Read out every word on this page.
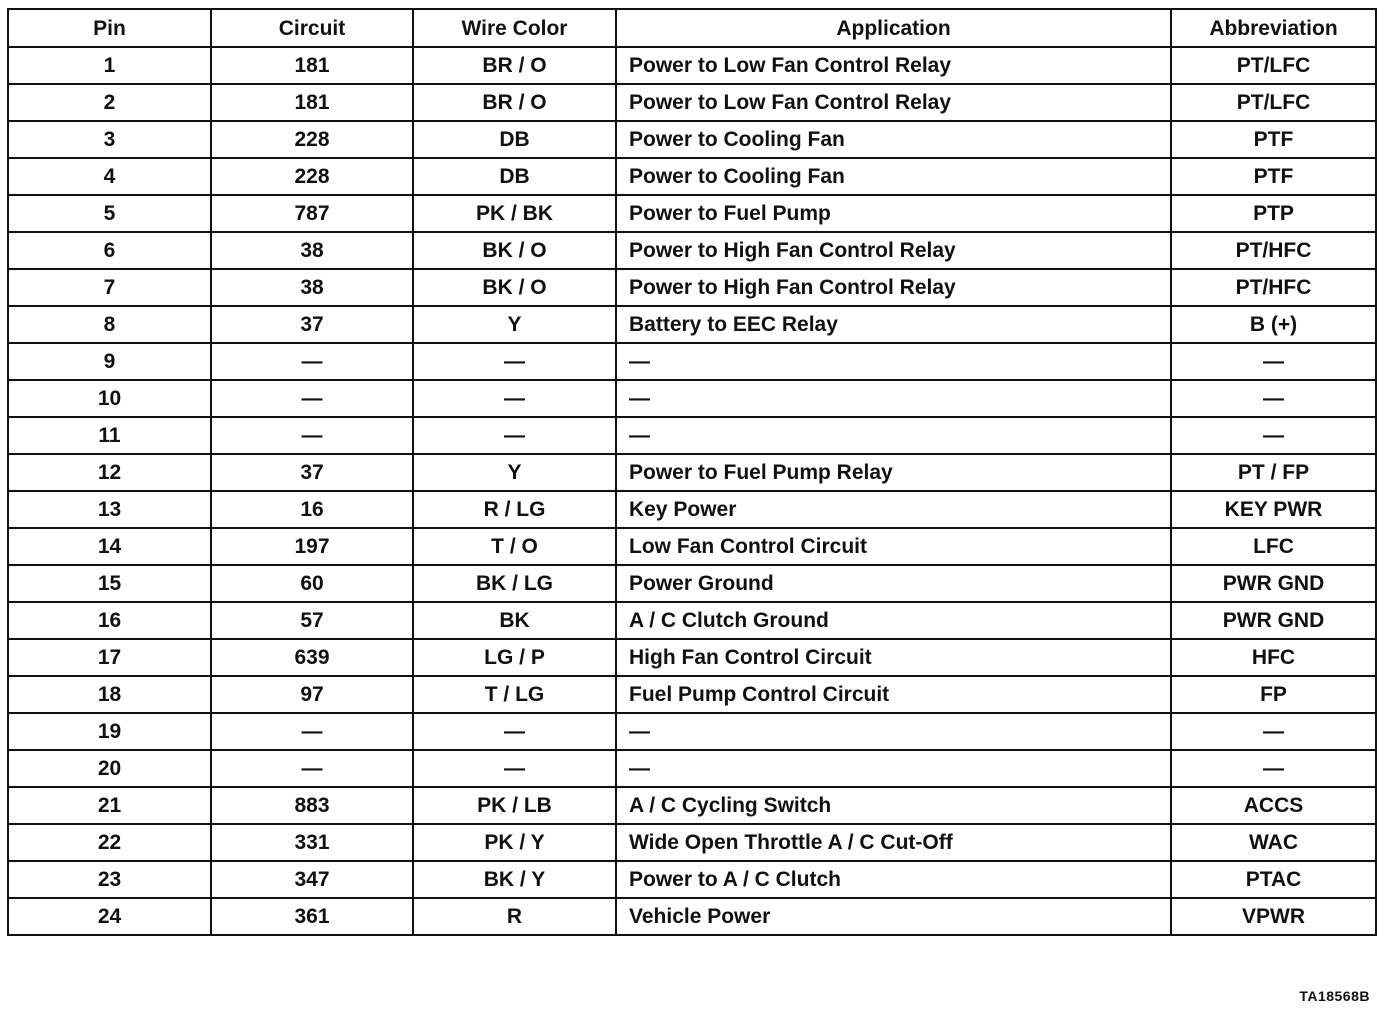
Pin	Circuit	Wire Color	Application	Abbreviation
1	181	BR / O	Power to Low Fan Control Relay	PT/LFC
2	181	BR / O	Power to Low Fan Control Relay	PT/LFC
3	228	DB	Power to Cooling Fan	PTF
4	228	DB	Power to Cooling Fan	PTF
5	787	PK / BK	Power to Fuel Pump	PTP
6	38	BK / O	Power to High Fan Control Relay	PT/HFC
7	38	BK / O	Power to High Fan Control Relay	PT/HFC
8	37	Y	Battery to EEC Relay	B (+)
9	—	—	—	—
10	—	—	—	—
11	—	—	—	—
12	37	Y	Power to Fuel Pump Relay	PT / FP
13	16	R / LG	Key Power	KEY PWR
14	197	T / O	Low Fan Control Circuit	LFC
15	60	BK / LG	Power Ground	PWR GND
16	57	BK	A / C Clutch Ground	PWR GND
17	639	LG / P	High Fan Control Circuit	HFC
18	97	T / LG	Fuel Pump Control Circuit	FP
19	—	—	—	—
20	—	—	—	—
21	883	PK / LB	A / C Cycling Switch	ACCS
22	331	PK / Y	Wide Open Throttle A / C Cut-Off	WAC
23	347	BK / Y	Power to A / C Clutch	PTAC
24	361	R	Vehicle Power	VPWR
TA18568B
